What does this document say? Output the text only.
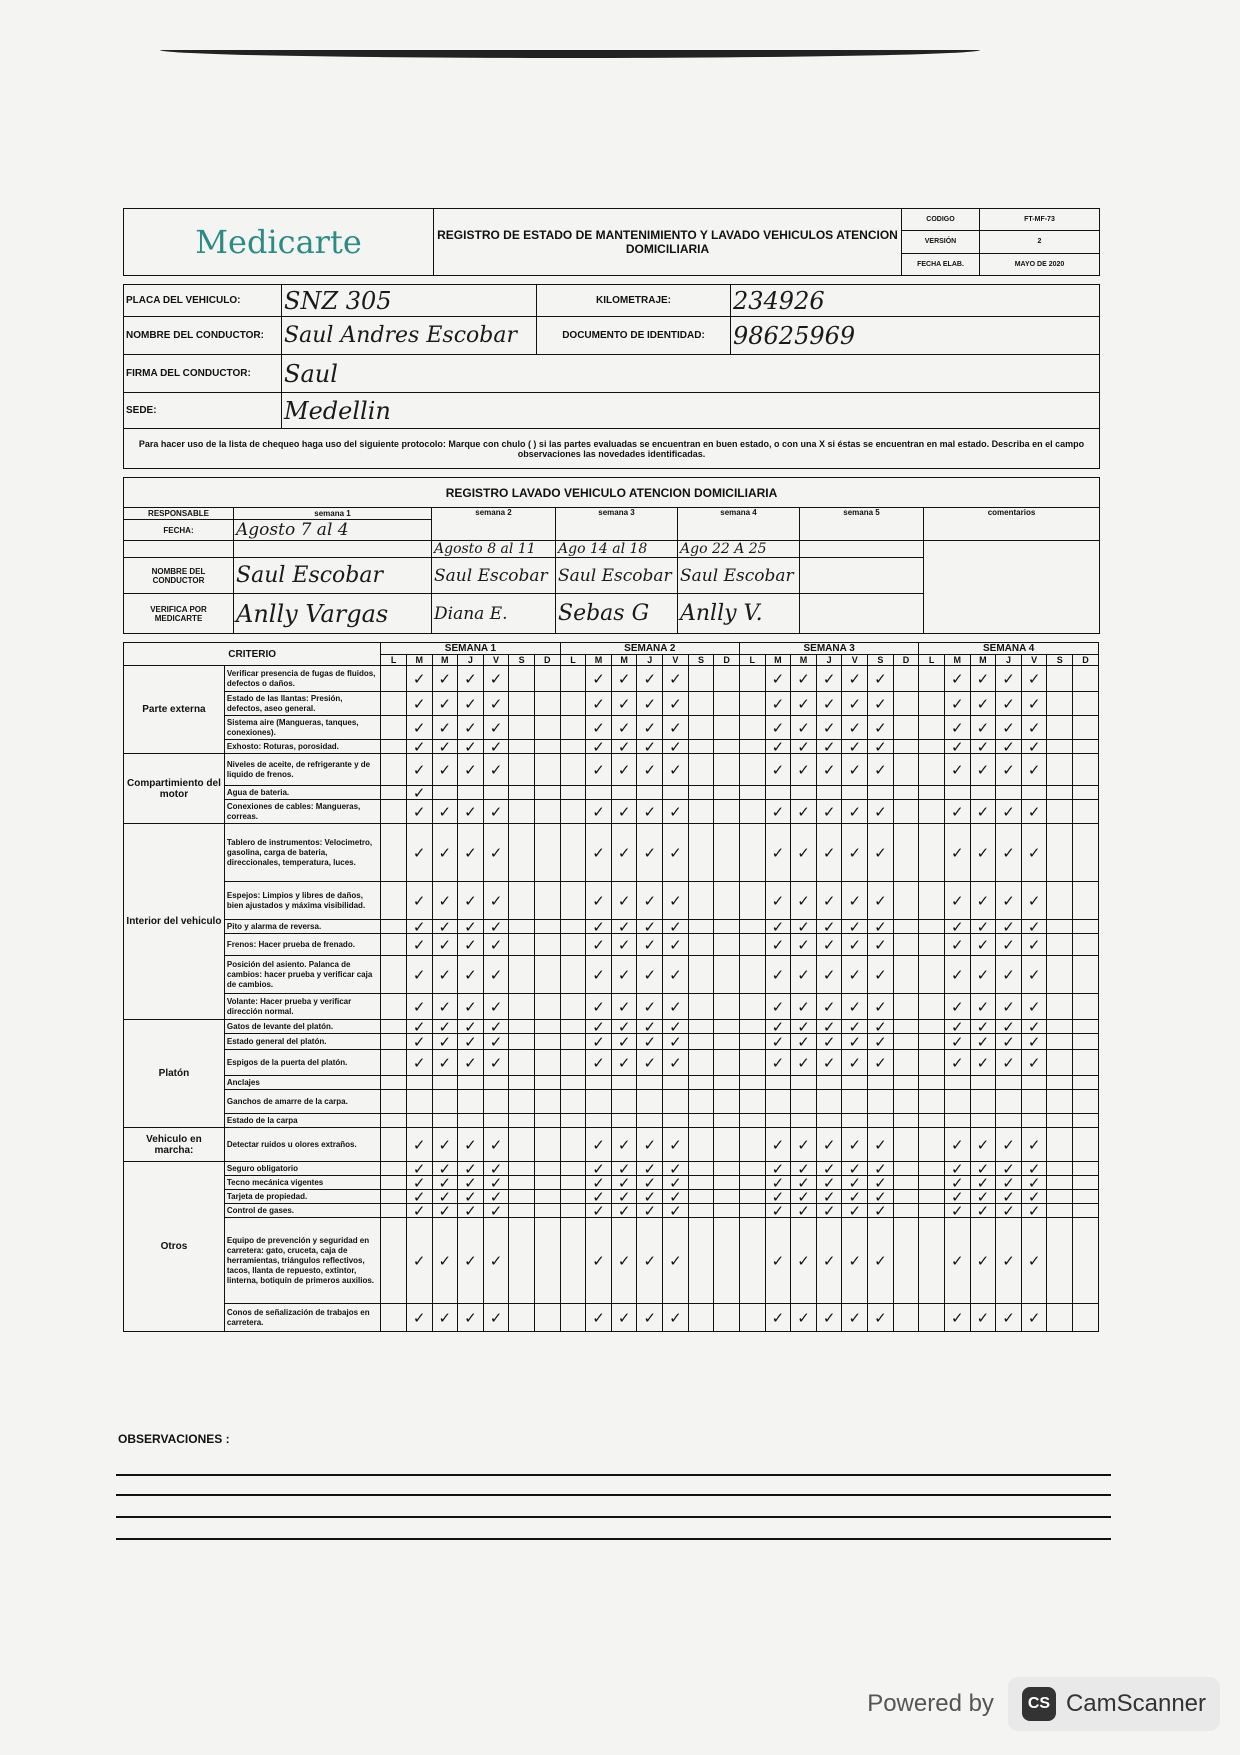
Medicarte	REGISTRO DE ESTADO DE MANTENIMIENTO Y LAVADO VEHICULOS ATENCION DOMICILIARIA	CODIGO	FT-MF-73
		VERSIÓN	2
		FECHA ELAB.	MAYO DE 2020
PLACA DEL VEHICULO:	SNZ 305	KILOMETRAJE:	234926
NOMBRE DEL CONDUCTOR:	Saul Andres Escobar	DOCUMENTO DE IDENTIDAD:	98625969
FIRMA DEL CONDUCTOR:	Saul		
SEDE:	Medellin		
Para hacer uso de la lista de chequeo haga uso del siguiente protocolo: Marque con chulo ( ) si las partes evaluadas se encuentran en buen estado, o con una X si éstas se encuentran en mal estado. Describa en el campo observaciones las novedades identificadas.			
REGISTRO LAVADO VEHICULO ATENCION DOMICILIARIA						
RESPONSABLE	semana 1	semana 2	semana 3	semana 4	semana 5	comentarios
FECHA:	Agosto 7 al 4					
		Agosto 8 al 11	Ago 14 al 18	Ago 22 A 25		
NOMBRE DEL CONDUCTOR	Saul Escobar	Saul Escobar	Saul Escobar	Saul Escobar		
VERIFICA POR MEDICARTE	Anlly Vargas	Diana E.	Sebas G	Anlly V.		
CRITERIO		SEMANA 1							SEMANA 2							SEMANA 3							SEMANA 4						
		L	M	M	J	V	S	D	L	M	M	J	V	S	D	L	M	M	J	V	S	D	L	M	M	J	V	S	D
Parte externa	Verificar presencia de fugas de fluidos, defectos o daños.		✓	✓	✓	✓				✓	✓	✓	✓				✓	✓	✓	✓	✓			✓	✓	✓	✓		
	Estado de las llantas: Presión, defectos, aseo general.		✓	✓	✓	✓				✓	✓	✓	✓				✓	✓	✓	✓	✓			✓	✓	✓	✓		
	Sistema aire (Mangueras, tanques, conexiones).		✓	✓	✓	✓				✓	✓	✓	✓				✓	✓	✓	✓	✓			✓	✓	✓	✓		
	Exhosto: Roturas, porosidad.		✓	✓	✓	✓				✓	✓	✓	✓				✓	✓	✓	✓	✓			✓	✓	✓	✓		
Compartimiento del motor	Niveles de aceite, de refrigerante y de liquido de frenos.		✓	✓	✓	✓				✓	✓	✓	✓				✓	✓	✓	✓	✓			✓	✓	✓	✓		
	Agua de bateria.		✓																										
	Conexiones de cables: Mangueras, correas.		✓	✓	✓	✓				✓	✓	✓	✓				✓	✓	✓	✓	✓			✓	✓	✓	✓		
Interior del vehiculo	Tablero de instrumentos: Velocimetro, gasolina, carga de bateria, direccionales, temperatura, luces.		✓	✓	✓	✓				✓	✓	✓	✓				✓	✓	✓	✓	✓			✓	✓	✓	✓		
	Espejos: Limpios y libres de daños, bien ajustados y máxima visibilidad.		✓	✓	✓	✓				✓	✓	✓	✓				✓	✓	✓	✓	✓			✓	✓	✓	✓		
	Pito y alarma de reversa.		✓	✓	✓	✓				✓	✓	✓	✓				✓	✓	✓	✓	✓			✓	✓	✓	✓		
	Frenos: Hacer prueba de frenado.		✓	✓	✓	✓				✓	✓	✓	✓				✓	✓	✓	✓	✓			✓	✓	✓	✓		
	Posición del asiento. Palanca de cambios: hacer prueba y verificar caja de cambios.		✓	✓	✓	✓				✓	✓	✓	✓				✓	✓	✓	✓	✓			✓	✓	✓	✓		
	Volante: Hacer prueba y verificar dirección normal.		✓	✓	✓	✓				✓	✓	✓	✓				✓	✓	✓	✓	✓			✓	✓	✓	✓		
Platón	Gatos de levante del platón.		✓	✓	✓	✓				✓	✓	✓	✓				✓	✓	✓	✓	✓			✓	✓	✓	✓		
	Estado general del platón.		✓	✓	✓	✓				✓	✓	✓	✓				✓	✓	✓	✓	✓			✓	✓	✓	✓		
	Espigos de la puerta del platón.		✓	✓	✓	✓				✓	✓	✓	✓				✓	✓	✓	✓	✓			✓	✓	✓	✓		
	Anclajes																												
	Ganchos de amarre de la carpa.																												
	Estado de la carpa																												
Vehiculo en marcha:	Detectar ruidos u olores extraños.		✓	✓	✓	✓				✓	✓	✓	✓				✓	✓	✓	✓	✓			✓	✓	✓	✓		
Otros	Seguro obligatorio		✓	✓	✓	✓				✓	✓	✓	✓				✓	✓	✓	✓	✓			✓	✓	✓	✓		
	Tecno mecánica vigentes		✓	✓	✓	✓				✓	✓	✓	✓				✓	✓	✓	✓	✓			✓	✓	✓	✓		
	Tarjeta de propiedad.		✓	✓	✓	✓				✓	✓	✓	✓				✓	✓	✓	✓	✓			✓	✓	✓	✓		
	Control de gases.		✓	✓	✓	✓				✓	✓	✓	✓				✓	✓	✓	✓	✓			✓	✓	✓	✓		
	Equipo de prevención y seguridad en carretera: gato, cruceta, caja de herramientas, triángulos reflectivos, tacos, llanta de repuesto, extintor, linterna, botiquín de primeros auxilios.		✓	✓	✓	✓				✓	✓	✓	✓				✓	✓	✓	✓	✓			✓	✓	✓	✓		
	Conos de señalización de trabajos en carretera.		✓	✓	✓	✓				✓	✓	✓	✓				✓	✓	✓	✓	✓			✓	✓	✓	✓		
OBSERVACIONES :
Powered by	CS CamScanner
